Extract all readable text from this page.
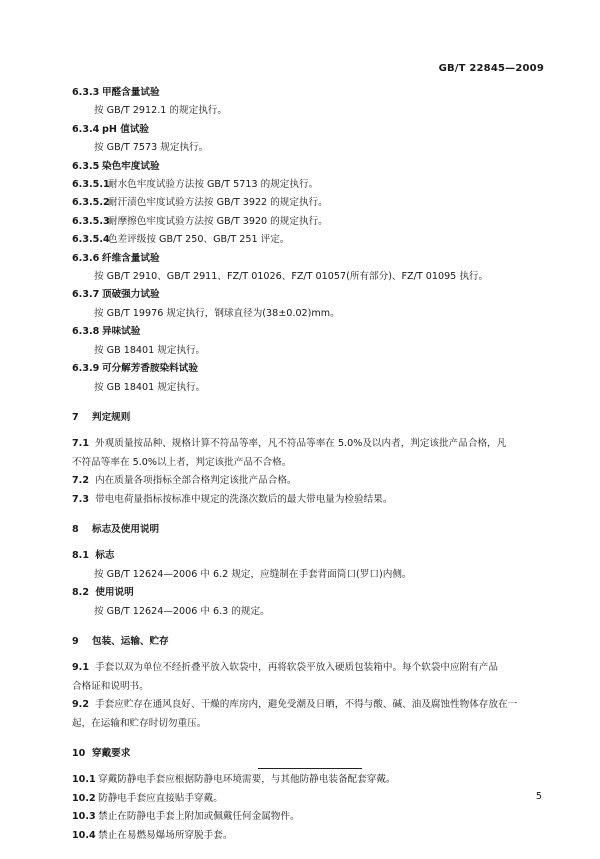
GB/T 22845—2009
6.3.3 甲醛含量试验
按 GB/T 2912.1 的规定执行。
6.3.4 pH 值试验
按 GB/T 7573 规定执行。
6.3.5 染色牢度试验
6.3.5.1耐水色牢度试验方法按 GB/T 5713 的规定执行。
6.3.5.2耐汗渍色牢度试验方法按 GB/T 3922 的规定执行。
6.3.5.3耐摩擦色牢度试验方法按 GB/T 3920 的规定执行。
6.3.5.4色差评级按 GB/T 250、GB/T 251 评定。
6.3.6 纤维含量试验
按 GB/T 2910、GB/T 2911、FZ/T 01026、FZ/T 01057(所有部分)、FZ/T 01095 执行。
6.3.7 顶破强力试验
按 GB/T 19976 规定执行，钢球直径为(38±0.02)mm。
6.3.8 异味试验
按 GB 18401 规定执行。
6.3.9 可分解芳香胺染料试验
按 GB 18401 规定执行。
7 判定规则
7.1 外观质量按品种、规格计算不符品等率，凡不符品等率在 5.0%及以内者，判定该批产品合格，凡
不符品等率在 5.0%以上者，判定该批产品不合格。
7.2 内在质量各项指标全部合格判定该批产品合格。
7.3 带电电荷量指标按标准中规定的洗涤次数后的最大带电量为检验结果。
8 标志及使用说明
8.1 标志
按 GB/T 12624—2006 中 6.2 规定，应缝制在手套背面筒口(罗口)内侧。
8.2 使用说明
按 GB/T 12624—2006 中 6.3 的规定。
9 包装、运输、贮存
9.1 手套以双为单位不经折叠平放入软袋中，再将软袋平放入硬质包装箱中。每个软袋中应附有产品
合格证和说明书。
9.2 手套应贮存在通风良好、干燥的库房内，避免受潮及日晒，不得与酸、碱、油及腐蚀性物体存放在一
起，在运输和贮存时切勿重压。
10 穿戴要求
10.1 穿戴防静电手套应根据防静电环境需要，与其他防静电装备配套穿戴。
10.2 防静电手套应直接贴手穿戴。
10.3 禁止在防静电手套上附加或佩戴任何金属物件。
10.4 禁止在易燃易爆场所穿脱手套。
5
